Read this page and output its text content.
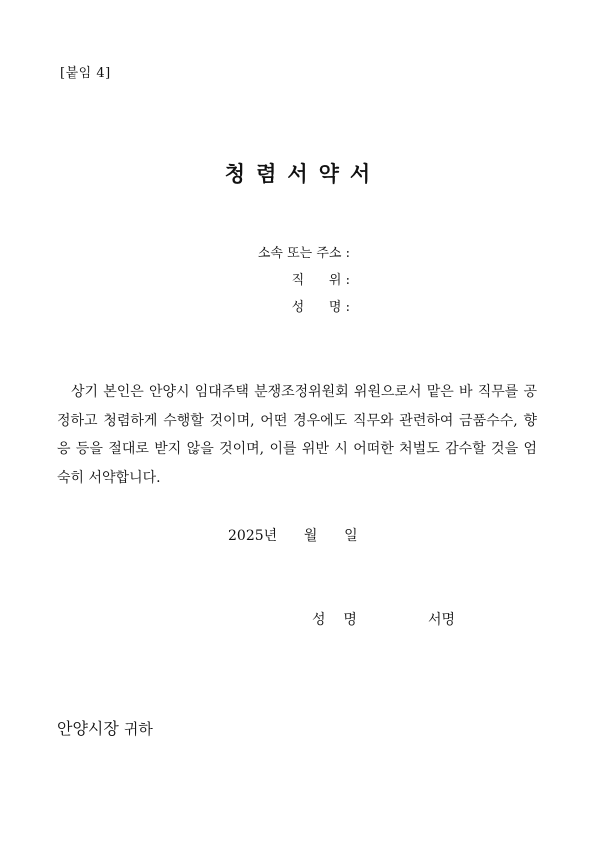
[붙임 4]
청렴서약서
소속 또는 주소 :
직      위 :
성      명 :

상기 본인은 안양시 임대주택 분쟁조정위원회 위원으로서 맡은 바 직무를 공정하고 청렴하게 수행할 것이며, 어떤 경우에도 직무와 관련하여 금품수수, 향응 등을 절대로 받지 않을 것이며, 이를 위반 시 어떠한 처벌도 감수할 것을 엄숙히 서약합니다.

2025년      월      일
성    명	서명
안양시장 귀하
